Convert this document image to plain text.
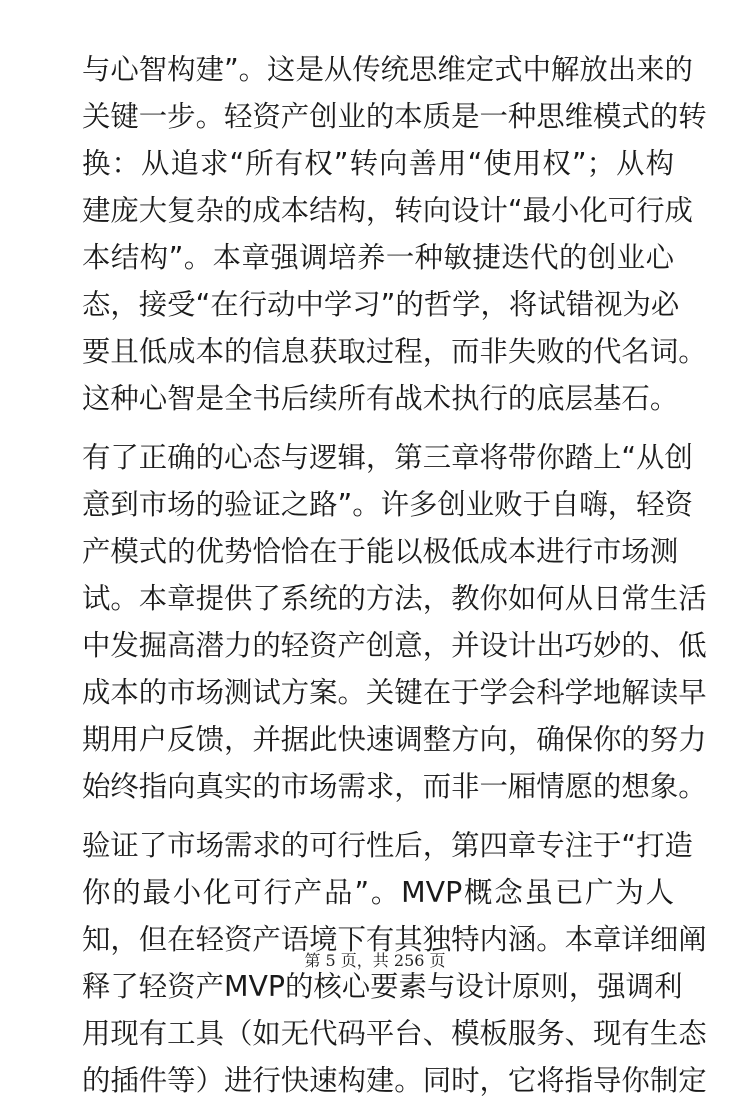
与心智构建”。这是从传统思维定式中解放出来的
关键一步。轻资产创业的本质是一种思维模式的转
换：从追求“所有权”转向善用“使用权”；从构
建庞大复杂的成本结构，转向设计“最小化可行成
本结构”。本章强调培养一种敏捷迭代的创业心
态，接受“在行动中学习”的哲学，将试错视为必
要且低成本的信息获取过程，而非失败的代名词。
这种心智是全书后续所有战术执行的底层基石。
有了正确的心态与逻辑，第三章将带你踏上“从创
意到市场的验证之路”。许多创业败于自嗨，轻资
产模式的优势恰恰在于能以极低成本进行市场测
试。本章提供了系统的方法，教你如何从日常生活
中发掘高潜力的轻资产创意，并设计出巧妙的、低
成本的市场测试方案。关键在于学会科学地解读早
期用户反馈，并据此快速调整方向，确保你的努力
始终指向真实的市场需求，而非一厢情愿的想象。
验证了市场需求的可行性后，第四章专注于“打造
你的最小化可行产品”。MVP概念虽已广为人
知，但在轻资产语境下有其独特内涵。本章详细阐
释了轻资产MVP的核心要素与设计原则，强调利
用现有工具（如无代码平台、模板服务、现有生态
的插件等）进行快速构建。同时，它将指导你制定
第 5 页，共 256 页
